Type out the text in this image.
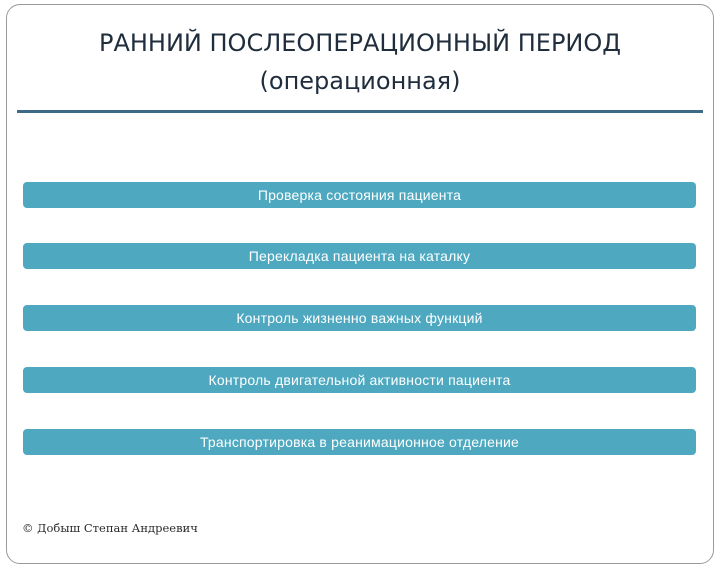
РАННИЙ ПОСЛЕОПЕРАЦИОННЫЙ ПЕРИОД
(операционная)
Проверка состояния пациента
Перекладка пациента на каталку
Контроль жизненно важных функций
Контроль двигательной активности пациента
Транспортировка в реанимационное отделение
© Добыш Степан Андреевич
